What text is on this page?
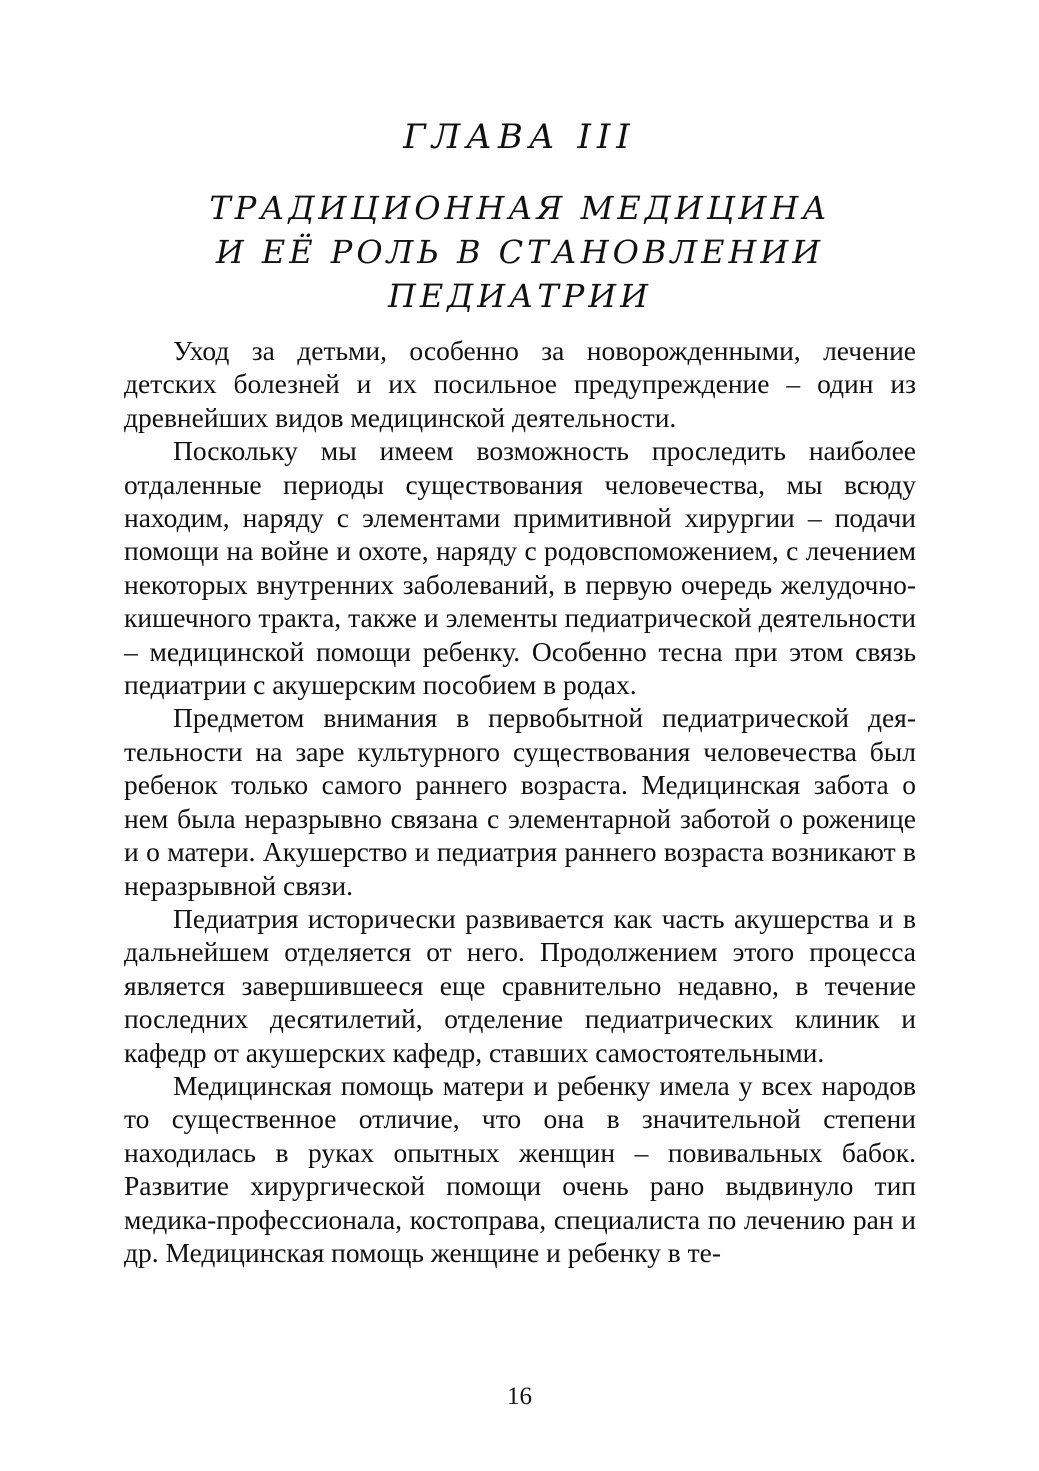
ГЛАВА III
ТРАДИЦИОННАЯ МЕДИЦИНА
И ЕЁ РОЛЬ В СТАНОВЛЕНИИ
ПЕДИАТРИИ

Уход за детьми, особенно за новорожденными, лечение детских болезней и их посильное предупреждение – один из древнейших видов медицинской деятельности.

Поскольку мы имеем возможность проследить наиболее отдаленные периоды существования человечества, мы всюду находим, наряду с элементами примитивной хирургии – подачи помощи на войне и охоте, наряду с родовспоможением, с лечением некоторых внутренних заболеваний, в первую очередь желудочно-кишечного тракта, также и элементы педиатрической деятельности – медицинской помощи ребенку. Особенно тесна при этом связь педиатрии с акушерским пособием в родах.

Предметом внимания в первобытной педиатрической деятельности на заре культурного существования человечества был ребенок только самого раннего возраста. Медицинская забота о нем была неразрывно связана с элементарной заботой о роженице и о матери. Акушерство и педиатрия раннего возраста возникают в неразрывной связи.

Педиатрия исторически развивается как часть акушерства и в дальнейшем отделяется от него. Продолжением этого процесса является завершившееся еще сравнительно недавно, в течение последних десятилетий, отделение педиатрических клиник и кафедр от акушерских кафедр, ставших самостоятельными.

Медицинская помощь матери и ребенку имела у всех народов то существенное отличие, что она в значительной степени находилась в руках опытных женщин – повивальных бабок. Развитие хирургической помощи очень рано выдвинуло тип медика-профессионала, костоправа, специалиста по лечению ран и др. Медицинская помощь женщине и ребенку в те-

16
